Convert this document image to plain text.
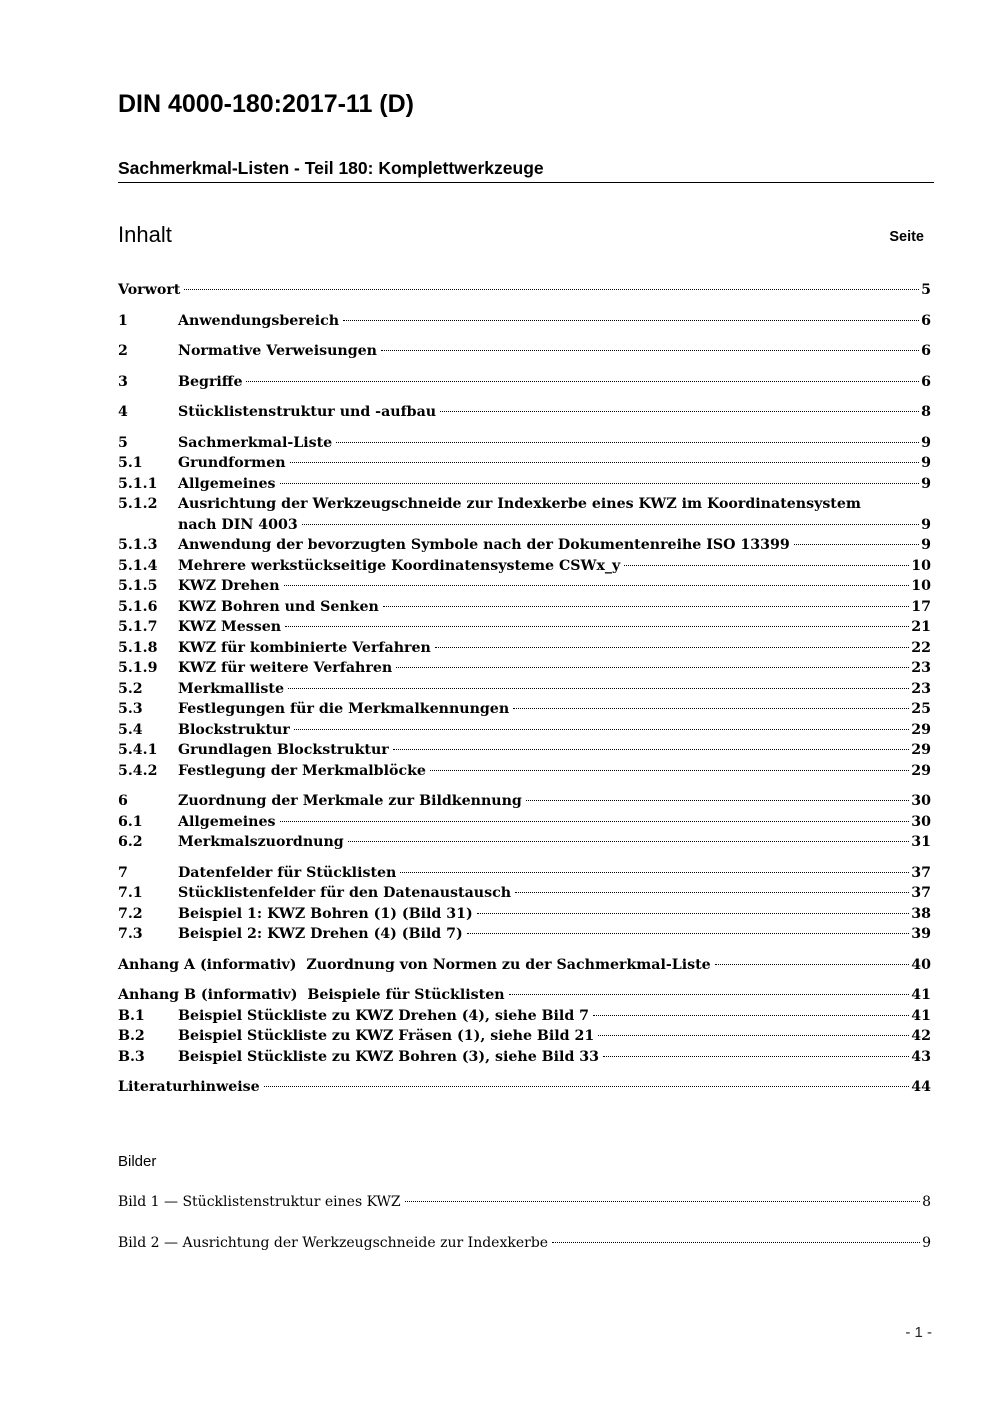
DIN 4000-180:2017-11 (D)
Sachmerkmal-Listen - Teil 180: Komplettwerkzeuge
Inhalt	Seite
Vorwort	5
1	Anwendungsbereich	6
2	Normative Verweisungen	6
3	Begriffe	6
4	Stücklistenstruktur und -aufbau	8
5	Sachmerkmal-Liste	9
5.1	Grundformen	9
5.1.1	Allgemeines	9
5.1.2	Ausrichtung der Werkzeugschneide zur Indexkerbe eines KWZ im Koordinatensystem
nach DIN 4003	9
5.1.3	Anwendung der bevorzugten Symbole nach der Dokumentenreihe ISO 13399	9
5.1.4	Mehrere werkstückseitige Koordinatensysteme CSWx_y	10
5.1.5	KWZ Drehen	10
5.1.6	KWZ Bohren und Senken	17
5.1.7	KWZ Messen	21
5.1.8	KWZ für kombinierte Verfahren	22
5.1.9	KWZ für weitere Verfahren	23
5.2	Merkmalliste	23
5.3	Festlegungen für die Merkmalkennungen	25
5.4	Blockstruktur	29
5.4.1	Grundlagen Blockstruktur	29
5.4.2	Festlegung der Merkmalblöcke	29
6	Zuordnung der Merkmale zur Bildkennung	30
6.1	Allgemeines	30
6.2	Merkmalszuordnung	31
7	Datenfelder für Stücklisten	37
7.1	Stücklistenfelder für den Datenaustausch	37
7.2	Beispiel 1: KWZ Bohren (1) (Bild 31)	38
7.3	Beispiel 2: KWZ Drehen (4) (Bild 7)	39
Anhang A (informativ)  Zuordnung von Normen zu der Sachmerkmal-Liste	40
Anhang B (informativ)  Beispiele für Stücklisten	41
B.1	Beispiel Stückliste zu KWZ Drehen (4), siehe Bild 7	41
B.2	Beispiel Stückliste zu KWZ Fräsen (1), siehe Bild 21	42
B.3	Beispiel Stückliste zu KWZ Bohren (3), siehe Bild 33	43
Literaturhinweise	44
Bilder
Bild 1 — Stücklistenstruktur eines KWZ	8
Bild 2 — Ausrichtung der Werkzeugschneide zur Indexkerbe	9
- 1 -
